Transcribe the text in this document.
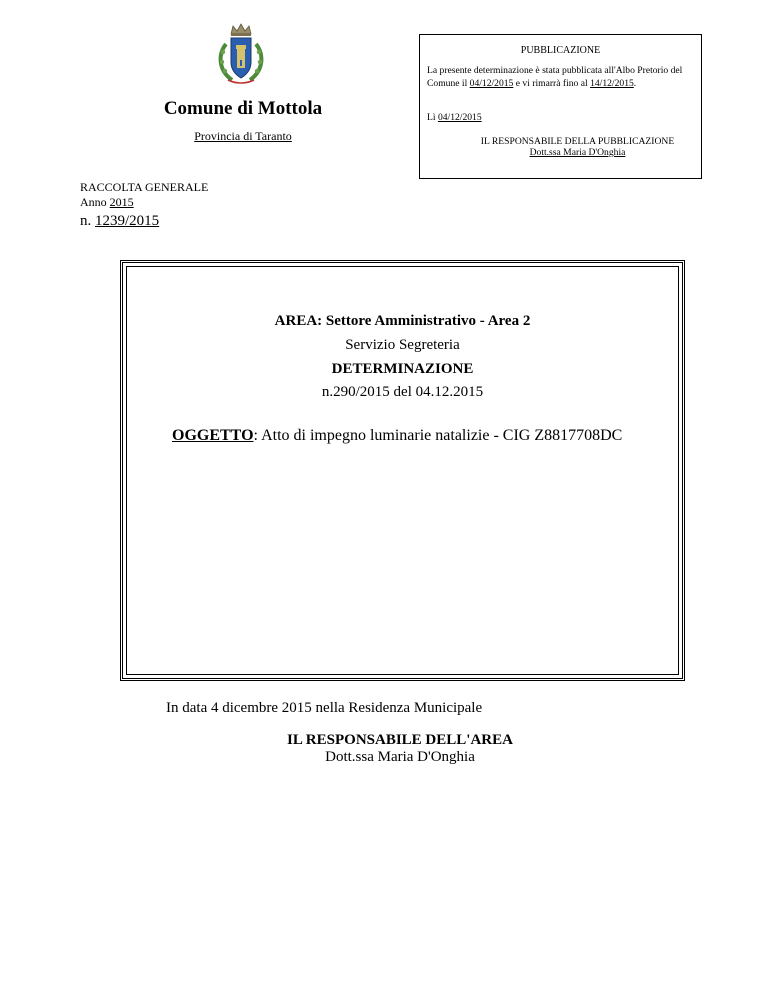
Comune di Mottola
Provincia di Taranto
PUBBLICAZIONE
La presente determinazione è stata pubblicata all'Albo Pretorio del Comune il 04/12/2015 e vi rimarrà fino al 14/12/2015.
Lì 04/12/2015
IL RESPONSABILE DELLA PUBBLICAZIONE
Dott.ssa Maria D'Onghia
RACCOLTA GENERALE
Anno 2015
n. 1239/2015
AREA: Settore Amministrativo - Area 2
Servizio Segreteria
DETERMINAZIONE
n.290/2015 del 04.12.2015
OGGETTO: Atto di impegno luminarie natalizie - CIG Z8817708DC
In data 4 dicembre 2015 nella Residenza Municipale
IL RESPONSABILE DELL'AREA
Dott.ssa Maria D'Onghia
